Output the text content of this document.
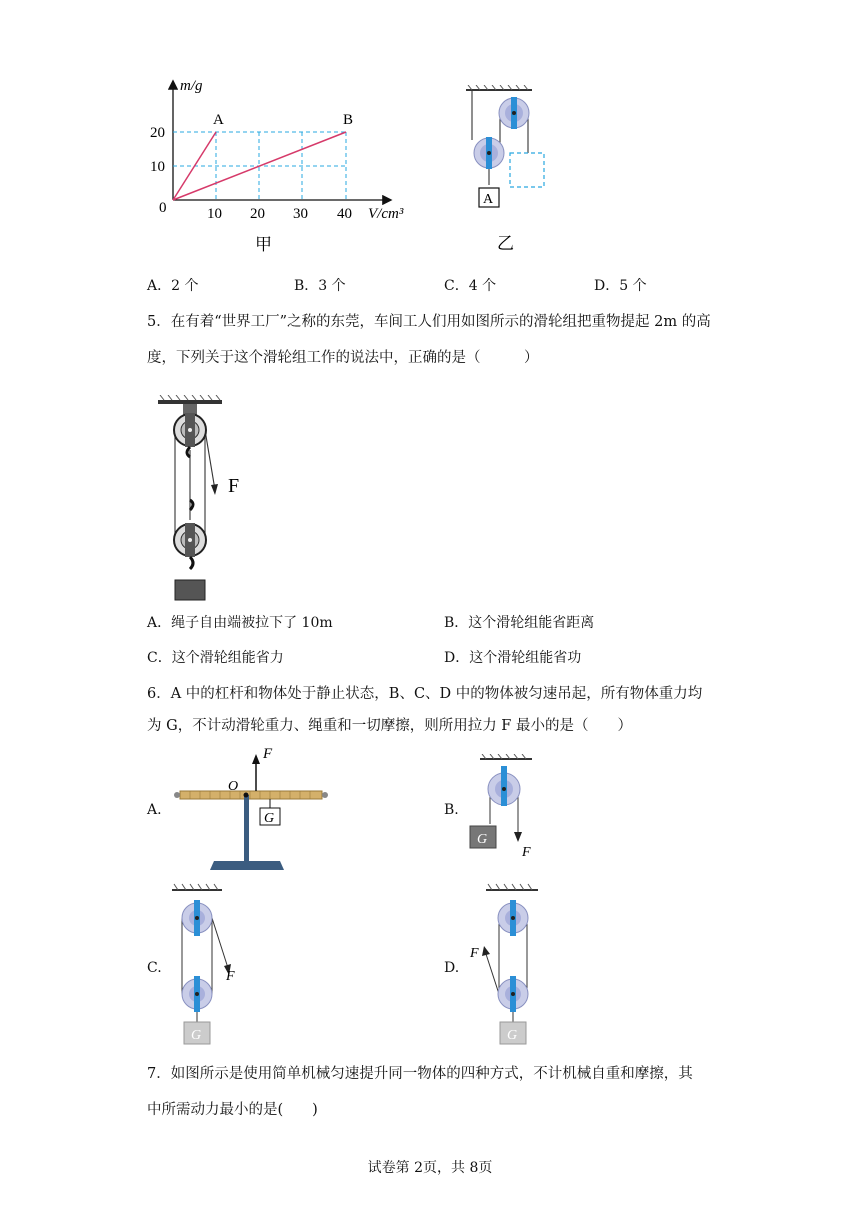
m/g
20
10
0	10 20 30 40 V/cm³
A	B
甲
A
乙
A．2 个	B．3 个	C．4 个	D．5 个
5．在有着“世界工厂”之称的东莞，车间工人们用如图所示的滑轮组把重物提起 2m 的高
度，下列关于这个滑轮组工作的说法中，正确的是（　　　）
F
A．绳子自由端被拉下了 10m	B．这个滑轮组能省距离
C．这个滑轮组能省力	D．这个滑轮组能省功
6．A 中的杠杆和物体处于静止状态，B、C、D 中的物体被匀速吊起，所有物体重力均
为 G，不计动滑轮重力、绳重和一切摩擦，则所用拉力 F 最小的是（　　）
A.	B.
C.	D.
G
F
O
G
F
G
F
G
F
7．如图所示是使用简单机械匀速提升同一物体的四种方式，不计机械自重和摩擦，其
中所需动力最小的是(　　)
试卷第 2页，共 8页
